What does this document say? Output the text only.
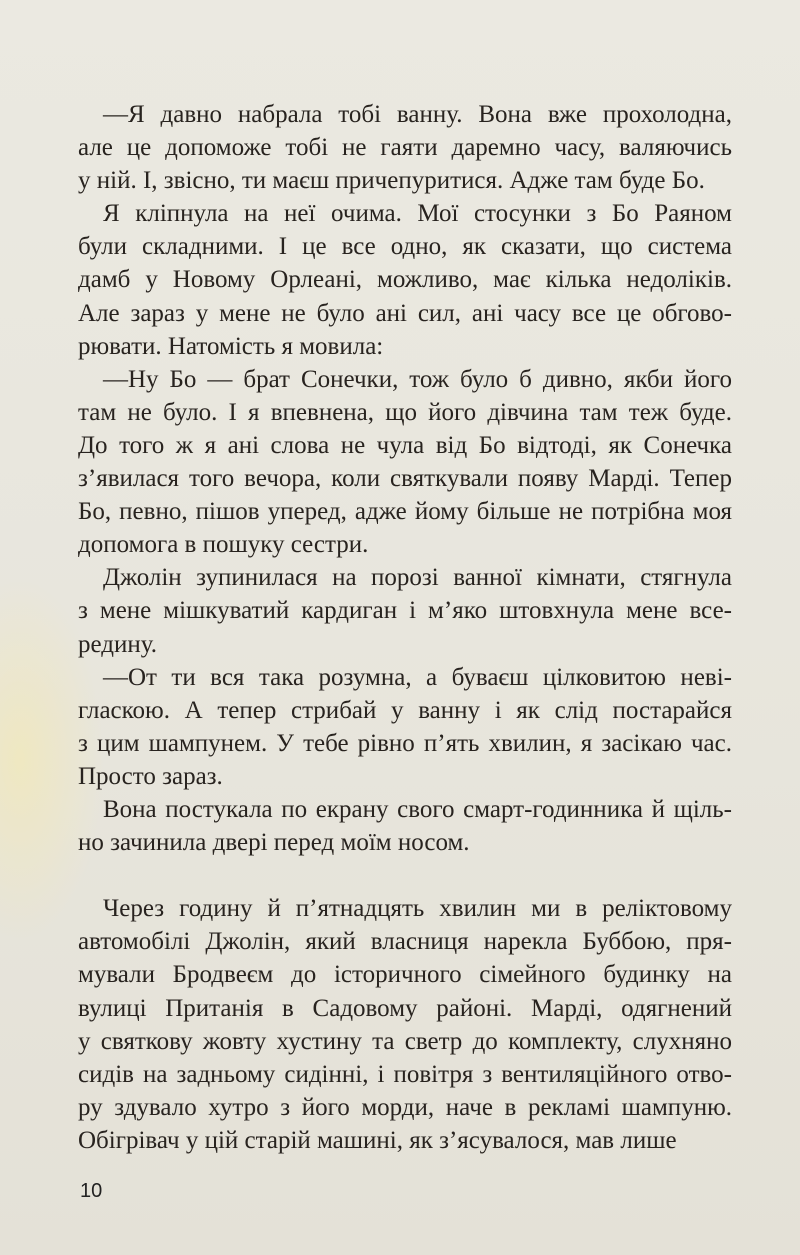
—Я давно набрала тобі ванну. Вона вже прохолодна,
але це допоможе тобі не гаяти даремно часу, валяючись
у ній. І, звісно, ти маєш причепуритися. Адже там буде Бо.
Я кліпнула на неї очима. Мої стосунки з Бо Раяном
були складними. І це все одно, як сказати, що система
дамб у Новому Орлеані, можливо, має кілька недоліків.
Але зараз у мене не було ані сил, ані часу все це обгово-
рювати. Натомість я мовила:
—Ну Бо — брат Сонечки, тож було б дивно, якби його
там не було. І я впевнена, що його дівчина там теж буде.
До того ж я ані слова не чула від Бо відтоді, як Сонечка
з’явилася того вечора, коли святкували появу Марді. Тепер
Бо, певно, пішов уперед, адже йому більше не потрібна моя
допомога в пошуку сестри.
Джолін зупинилася на порозі ванної кімнати, стягнула
з мене мішкуватий кардиган і м’яко штовхнула мене все-
редину.
—От ти вся така розумна, а буваєш цілковитою неві-
гласкою. А тепер стрибай у ванну і як слід постарайся
з цим шампунем. У тебе рівно п’ять хвилин, я засікаю час.
Просто зараз.
Вона постукала по екрану свого смарт-годинника й щіль-
но зачинила двері перед моїм носом.
Через годину й п’ятнадцять хвилин ми в реліктовому
автомобілі Джолін, який власниця нарекла Буббою, пря-
мували Бродвеєм до історичного сімейного будинку на
вулиці Пританія в Садовому районі. Марді, одягнений
у святкову жовту хустину та светр до комплекту, слухняно
сидів на задньому сидінні, і повітря з вентиляційного отво-
ру здувало хутро з його морди, наче в рекламі шампуню.
Обігрівач у цій старій машині, як з’ясувалося, мав лише
10
